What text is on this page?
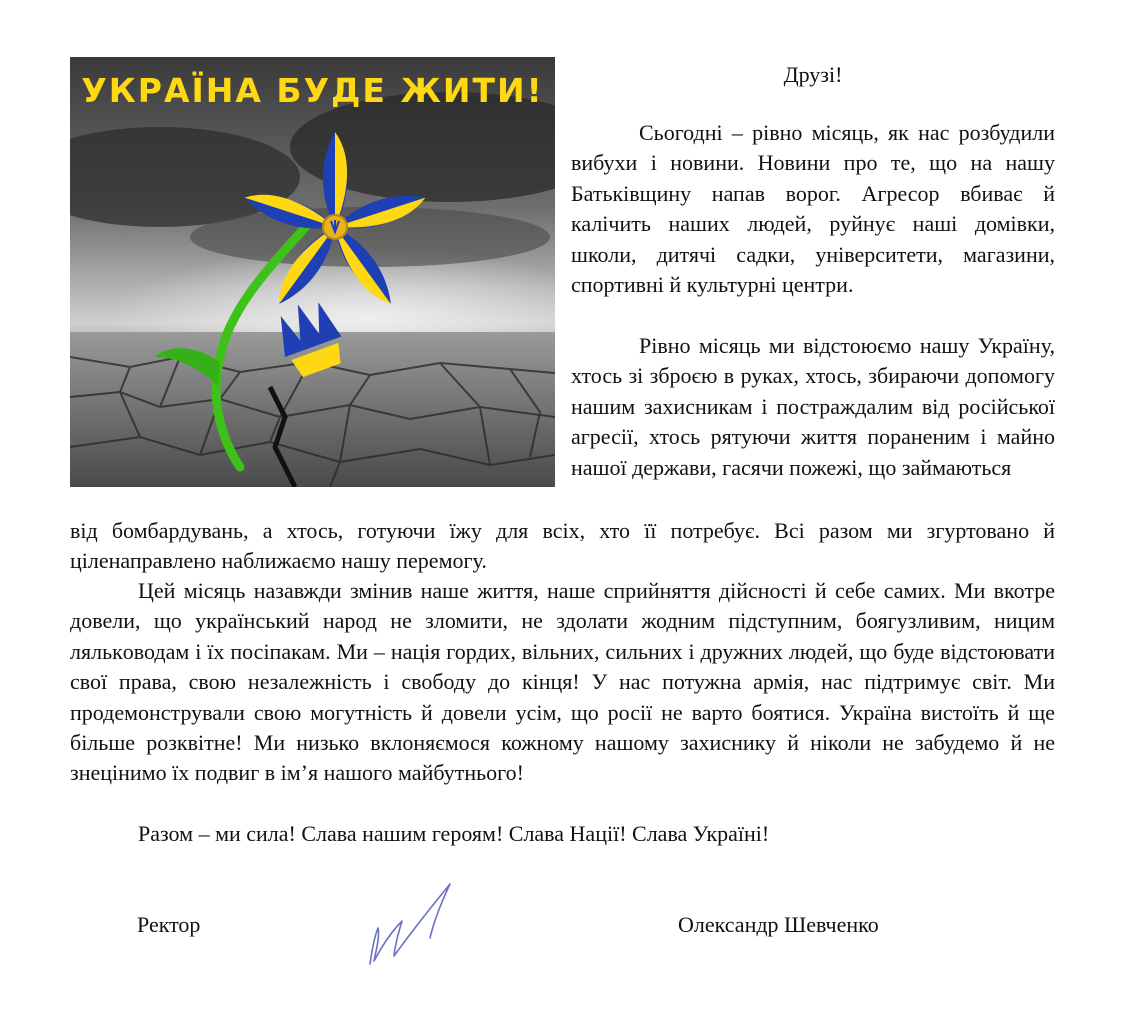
УКРАЇНА БУДЕ ЖИТИ!	Друзі!

Сьогодні – рівно місяць, як нас розбудили вибухи і новини. Новини про те, що на нашу Батьківщину напав ворог. Агресор вбиває й калічить наших людей, руйнує наші домівки, школи, дитячі садки, університети, магазини, спортивні й культурні центри.

Рівно місяць ми відстоюємо нашу Україну, хтось зі зброєю в руках, хтось, збираючи допомогу нашим захисникам і постраждалим від російської агресії, хтось рятуючи життя пораненим і майно нашої держави, гасячи пожежі, що займаються

від бомбардувань, а хтось, готуючи їжу для всіх, хто її потребує. Всі разом ми згуртовано й цілeнаправлено наближаємо нашу перемогу.

Цей місяць назавжди змінив наше життя, наше сприйняття дійсності й себе самих. Ми вкотре довели, що український народ не зломити, не здолати жодним підступним, боягузливим, ницим лялькoводам і їх посіпакам. Ми – нація гордих, вільних, сильних і дружних людей, що буде відстоювати свої права, свою незалежність і свободу до кінця! У нас потужна армія, нас підтримує світ. Ми продемонстрували свою могутність й довели усім, що росії не варто боятися. Україна вистоїть й ще більше розквітне! Ми низько вклоняємося кожному нашому захиснику й ніколи не забудемо й не знецінимо їх подвиг в ім’я нашого майбутнього!

Разом – ми сила! Слава нашим героям! Слава Нації! Слава Україні!

Ректор	Олександр Шевченко
